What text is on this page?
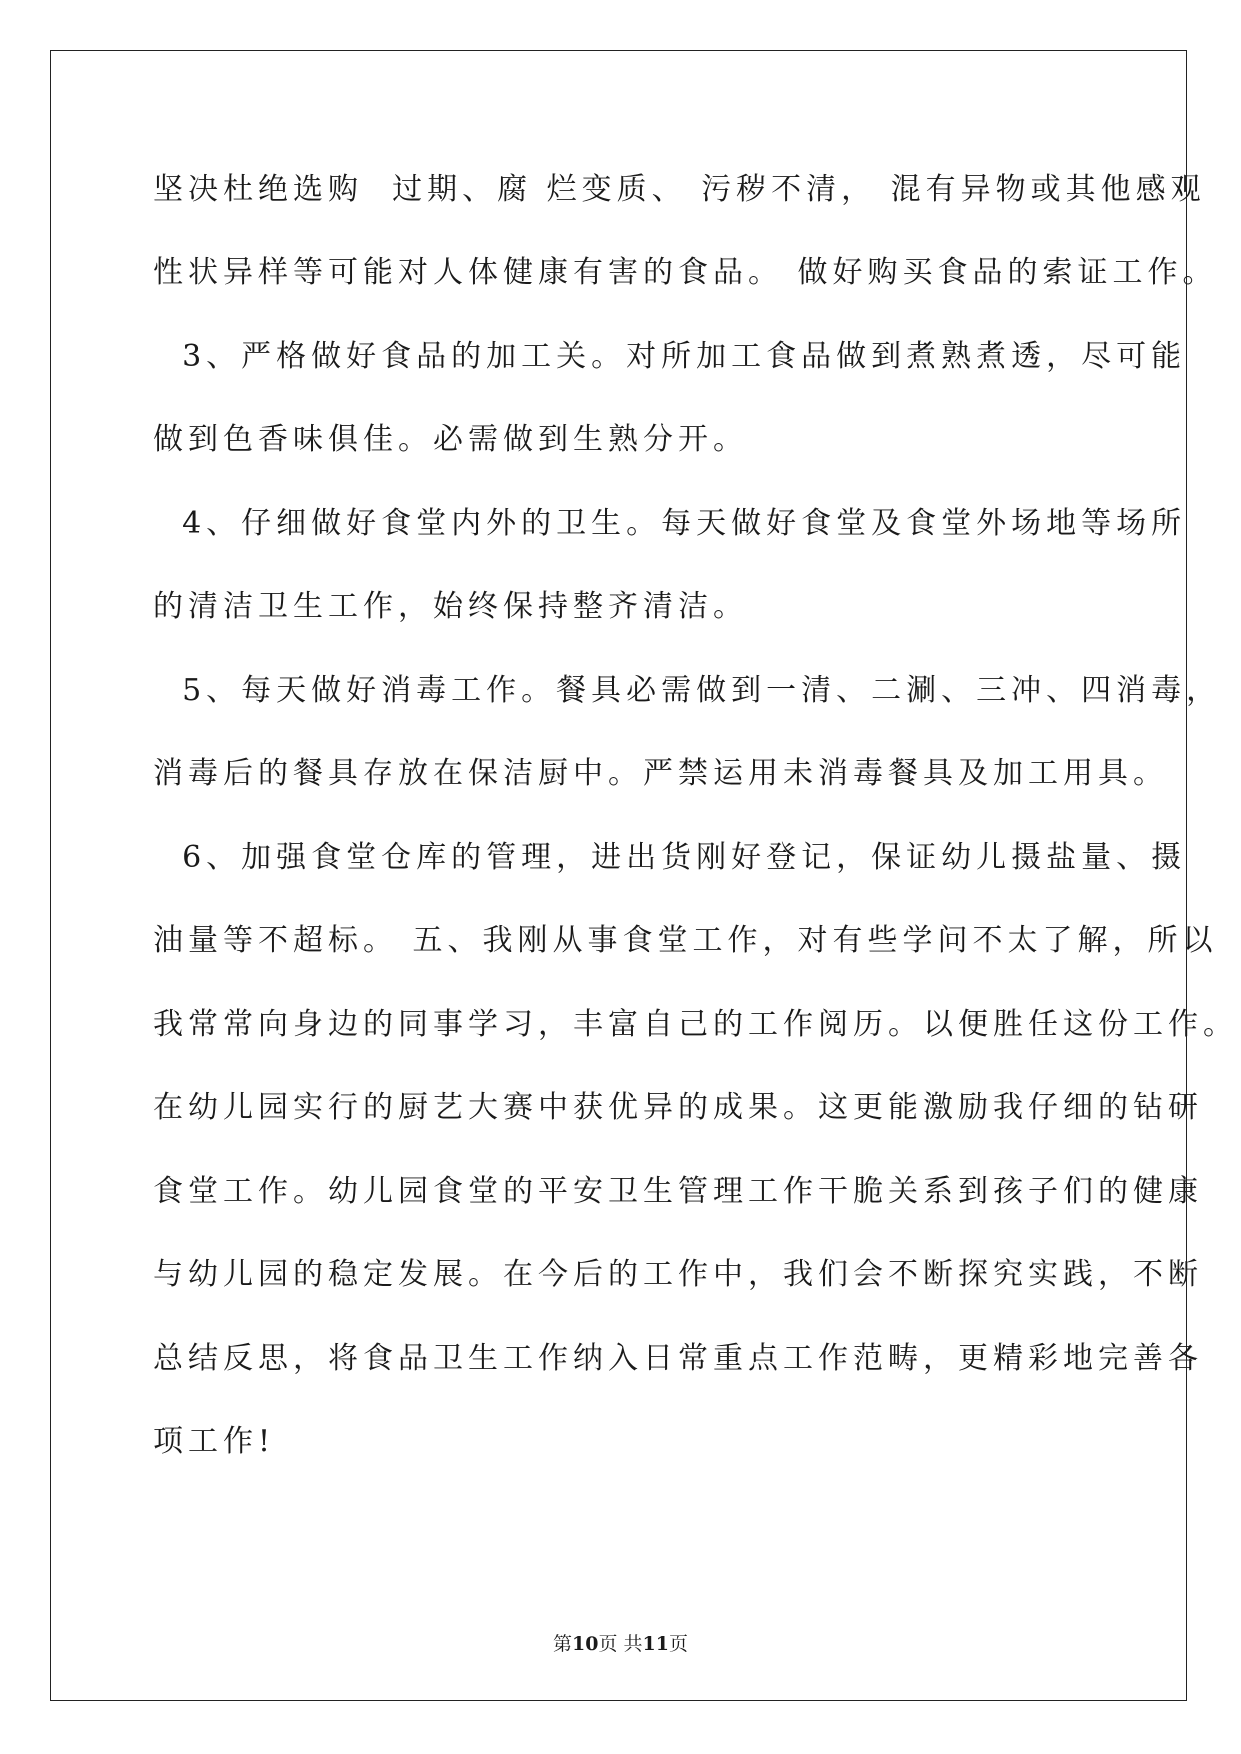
坚决杜绝选购  过期、腐 烂变质、 污秽不清， 混有异物或其他感观
性状异样等可能对人体健康有害的食品。 做好购买食品的索证工作。
3、严格做好食品的加工关。对所加工食品做到煮熟煮透，尽可能
做到色香味俱佳。必需做到生熟分开。
4、仔细做好食堂内外的卫生。每天做好食堂及食堂外场地等场所
的清洁卫生工作，始终保持整齐清洁。
5、每天做好消毒工作。餐具必需做到一清、二涮、三冲、四消毒，
消毒后的餐具存放在保洁厨中。严禁运用未消毒餐具及加工用具。
6、加强食堂仓库的管理，进出货刚好登记，保证幼儿摄盐量、摄
油量等不超标。 五、我刚从事食堂工作，对有些学问不太了解，所以
我常常向身边的同事学习，丰富自己的工作阅历。以便胜任这份工作。
在幼儿园实行的厨艺大赛中获优异的成果。这更能激励我仔细的钻研
食堂工作。幼儿园食堂的平安卫生管理工作干脆关系到孩子们的健康
与幼儿园的稳定发展。在今后的工作中，我们会不断探究实践，不断
总结反思，将食品卫生工作纳入日常重点工作范畴，更精彩地完善各
项工作!
第10页 共11页
